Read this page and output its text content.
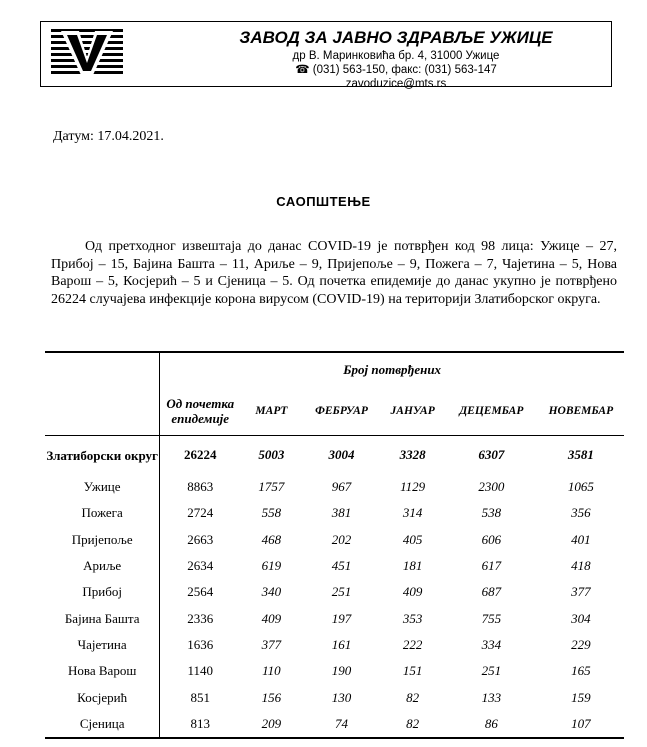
ЗАВОД ЗА ЈАВНО ЗДРАВЉЕ УЖИЦЕ
др В. Маринковића бр. 4, 31000 Ужице
☎ (031) 563-150, факс: (031) 563-147
zavoduzice@mts.rs
Датум: 17.04.2021.
САОПШТЕЊЕ
Од претходног извештаја до данас COVID-19 је потврђен код 98 лица: Ужице – 27, Прибој – 15, Бајина Башта – 11, Ариље – 9, Пријепоље – 9, Пожега – 7, Чајетина – 5, Нова Варош – 5, Косјерић – 5 и Сјеница – 5. Од почетка епидемије до данас укупно је потврђено 26224 случајева инфекције корона вирусом (COVID-19) на територији Златиборског округа.
	Број потврђених					
	Од почетка епидемије	МАРТ	ФЕБРУАР	ЈАНУАР	ДЕЦЕМБАР	НОВЕМБАР
Златиборски округ	26224	5003	3004	3328	6307	3581
Ужице	8863	1757	967	1129	2300	1065
Пожега	2724	558	381	314	538	356
Пријепоље	2663	468	202	405	606	401
Ариље	2634	619	451	181	617	418
Прибој	2564	340	251	409	687	377
Бајина Башта	2336	409	197	353	755	304
Чајетина	1636	377	161	222	334	229
Нова Варош	1140	110	190	151	251	165
Косјерић	851	156	130	82	133	159
Сјеница	813	209	74	82	86	107
